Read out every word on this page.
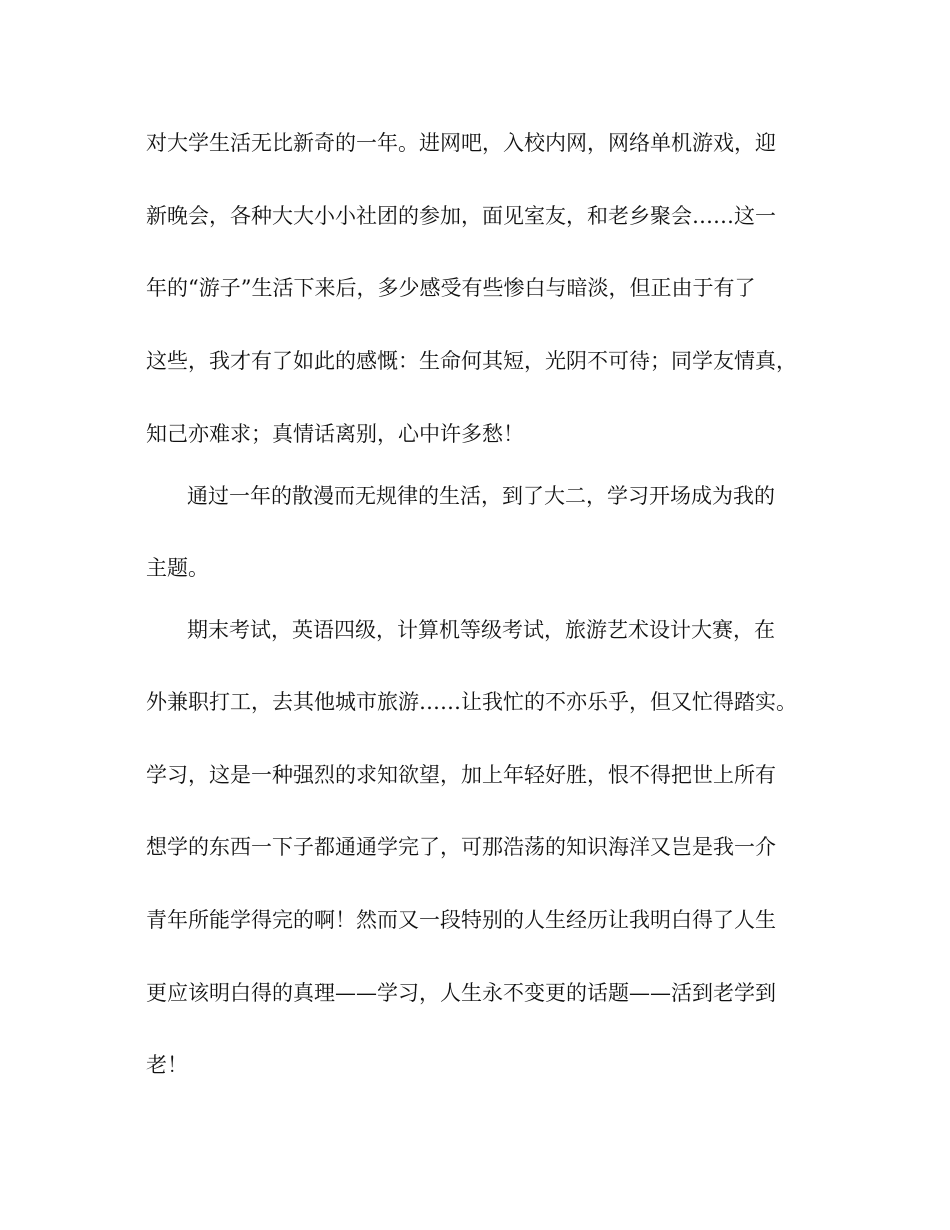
对大学生活无比新奇的一年。进网吧，入校内网，网络单机游戏，迎

新晚会，各种大大小小社团的参加，面见室友，和老乡聚会……这一

年的“游子”生活下来后，多少感受有些惨白与暗淡，但正由于有了

这些，我才有了如此的感慨：生命何其短，光阴不可待；同学友情真，

知己亦难求；真情话离别，心中许多愁！

通过一年的散漫而无规律的生活，到了大二，学习开场成为我的

主题。

期末考试，英语四级，计算机等级考试，旅游艺术设计大赛，在

外兼职打工，去其他城市旅游……让我忙的不亦乐乎，但又忙得踏实。

学习，这是一种强烈的求知欲望，加上年轻好胜，恨不得把世上所有

想学的东西一下子都通通学完了，可那浩荡的知识海洋又岂是我一介

青年所能学得完的啊！然而又一段特别的人生经历让我明白得了人生

更应该明白得的真理——学习，人生永不变更的话题——活到老学到

老！
